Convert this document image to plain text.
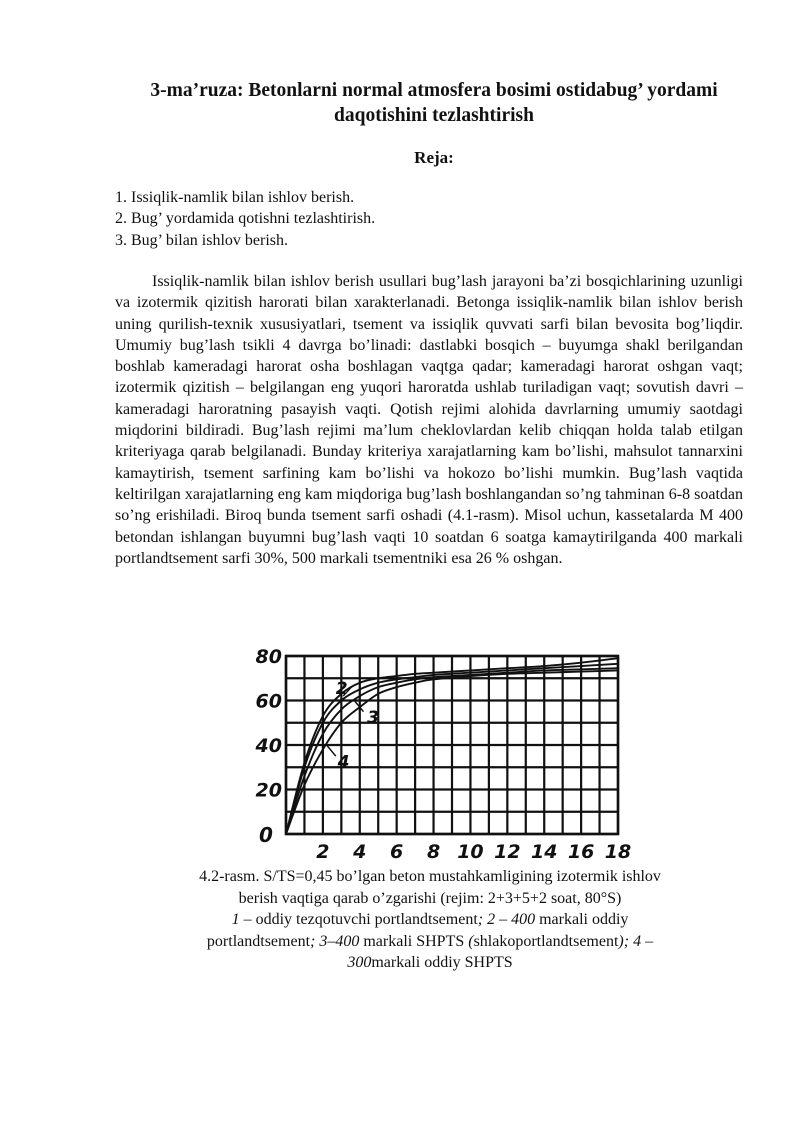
3-ma’ruza: Betonlarni normal atmosfera bosimi ostidabug’ yordami daqotishini tezlashtirish
Reja:
1. Issiqlik-namlik bilan ishlov berish.
2. Bug’ yordamida qotishni tezlashtirish.
3. Bug’ bilan ishlov berish.

Issiqlik-namlik bilan ishlov berish usullari bug’lash jarayoni ba’zi bosqichlarining uzunligi va izotermik qizitish harorati bilan xarakterlanadi. Betonga issiqlik-namlik bilan ishlov berish uning qurilish-texnik xususiyatlari, tsement va issiqlik quvvati sarfi bilan bevosita bog’liqdir. Umumiy bug’lash tsikli 4 davrga bo’linadi: dastlabki bosqich – buyumga shakl berilgandan boshlab kameradagi harorat osha boshlagan vaqtga qadar; kameradagi harorat oshgan vaqt; izotermik qizitish – belgilangan eng yuqori haroratda ushlab turiladigan vaqt; sovutish davri – kameradagi haroratning pasayish vaqti. Qotish rejimi alohida davrlarning umumiy saotdagi miqdorini bildiradi. Bug’lash rejimi ma’lum cheklovlardan kelib chiqqan holda talab etilgan kriteriyaga qarab belgilanadi. Bunday kriteriya xarajatlarning kam bo’lishi, mahsulot tannarxini kamaytirish, tsement sarfining kam bo’lishi va hokozo bo’lishi mumkin. Bug’lash vaqtida keltirilgan xarajatlarning eng kam miqdoriga bug’lash boshlangandan so’ng tahminan 6-8 soatdan so’ng erishiladi. Biroq bunda tsement sarfi oshadi (4.1-rasm). Misol uchun, kassetalarda M 400 betondan ishlangan buyumni bug’lash vaqti 10 soatdan 6 soatga kamaytirilganda 400 markali portlandtsement sarfi 30%, 500 markali tsementniki esa 26 % oshgan.

80
60
40
20
0
2 4 6 8 10 12 14 16 18
2
3
4
4.2-rasm. S/TS=0,45 bo’lgan beton mustahkamligining izotermik ishlov
berish vaqtiga qarab o’zgarishi (rejim: 2+3+5+2 soat, 80°S)
1 – oddiy tezqotuvchi portlandtsement; 2 – 400 markali oddiy
portlandtsement; 3–400 markali SHPTS (shlakoportlandtsement); 4 –
300markali oddiy SHPTS
